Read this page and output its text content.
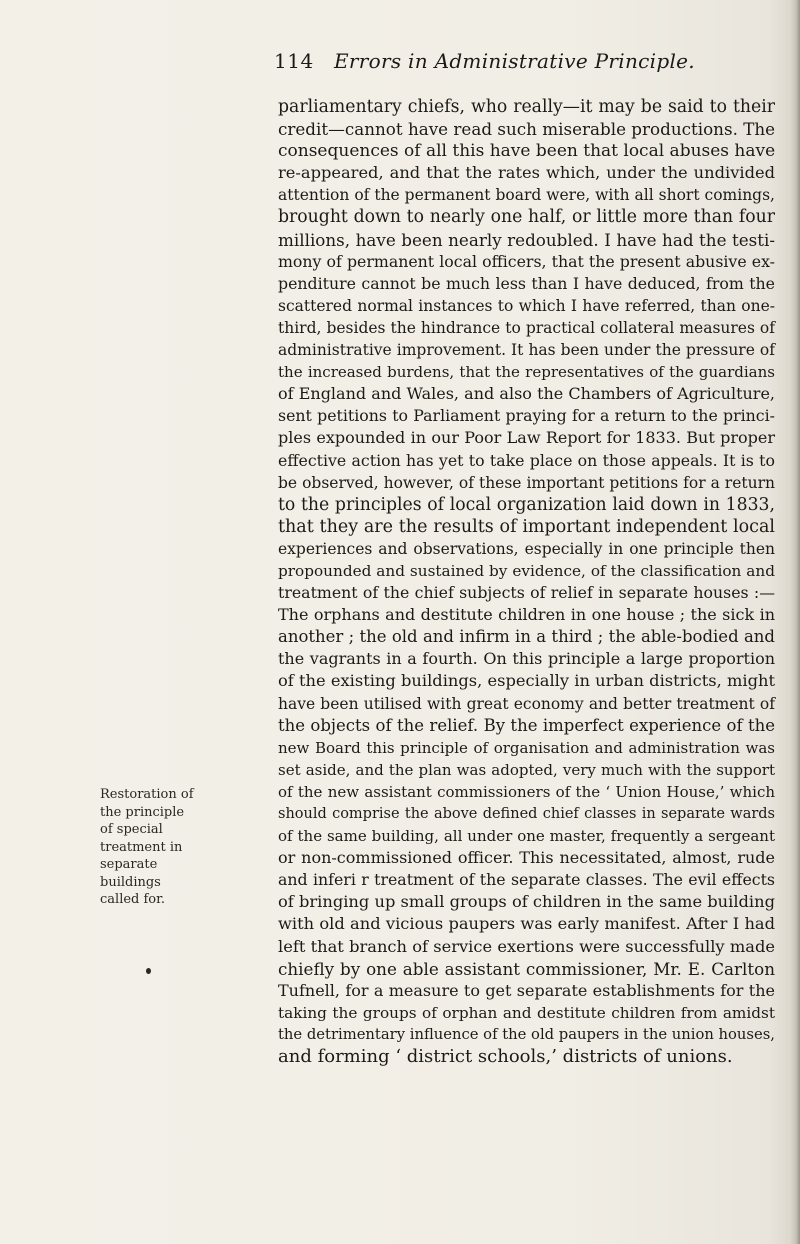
114 Errors in Administrative Principle.
Restoration of
the principle
of special
treatment in
separate
buildings
called for.

parliamentary chiefs, who really—it may be said to their
credit—cannot have read such miserable productions. The
consequences of all this have been that local abuses have
re-appeared, and that the rates which, under the undivided
attention of the permanent board were, with all short comings,
brought down to nearly one half, or little more than four
millions, have been nearly redoubled. I have had the testi-
mony of permanent local officers, that the present abusive ex-
penditure cannot be much less than I have deduced, from the
scattered normal instances to which I have referred, than one-
third, besides the hindrance to practical collateral measures of
administrative improvement. It has been under the pressure of
the increased burdens, that the representatives of the guardians
of England and Wales, and also the Chambers of Agriculture,
sent petitions to Parliament praying for a return to the princi-
ples expounded in our Poor Law Report for 1833. But proper
effective action has yet to take place on those appeals. It is to
be observed, however, of these important petitions for a return
to the principles of local organization laid down in 1833,
that they are the results of important independent local
experiences and observations, especially in one principle then
propounded and sustained by evidence, of the classification and
treatment of the chief subjects of relief in separate houses :—
The orphans and destitute children in one house ; the sick in
another ; the old and infirm in a third ; the able-bodied and
the vagrants in a fourth. On this principle a large proportion
of the existing buildings, especially in urban districts, might
have been utilised with great economy and better treatment of
the objects of the relief. By the imperfect experience of the
new Board this principle of organisation and administration was
set aside, and the plan was adopted, very much with the support
of the new assistant commissioners of the ‘ Union House,’ which
should comprise the above defined chief classes in separate wards
of the same building, all under one master, frequently a sergeant
or non-commissioned officer. This necessitated, almost, rude
and inferi r treatment of the separate classes. The evil effects
of bringing up small groups of children in the same building
with old and vicious paupers was early manifest. After I had
left that branch of service exertions were successfully made
chiefly by one able assistant commissioner, Mr. E. Carlton
Tufnell, for a measure to get separate establishments for the
taking the groups of orphan and destitute children from amidst
the detrimentary influence of the old paupers in the union houses,
and forming ‘ district schools,’ districts of unions.
